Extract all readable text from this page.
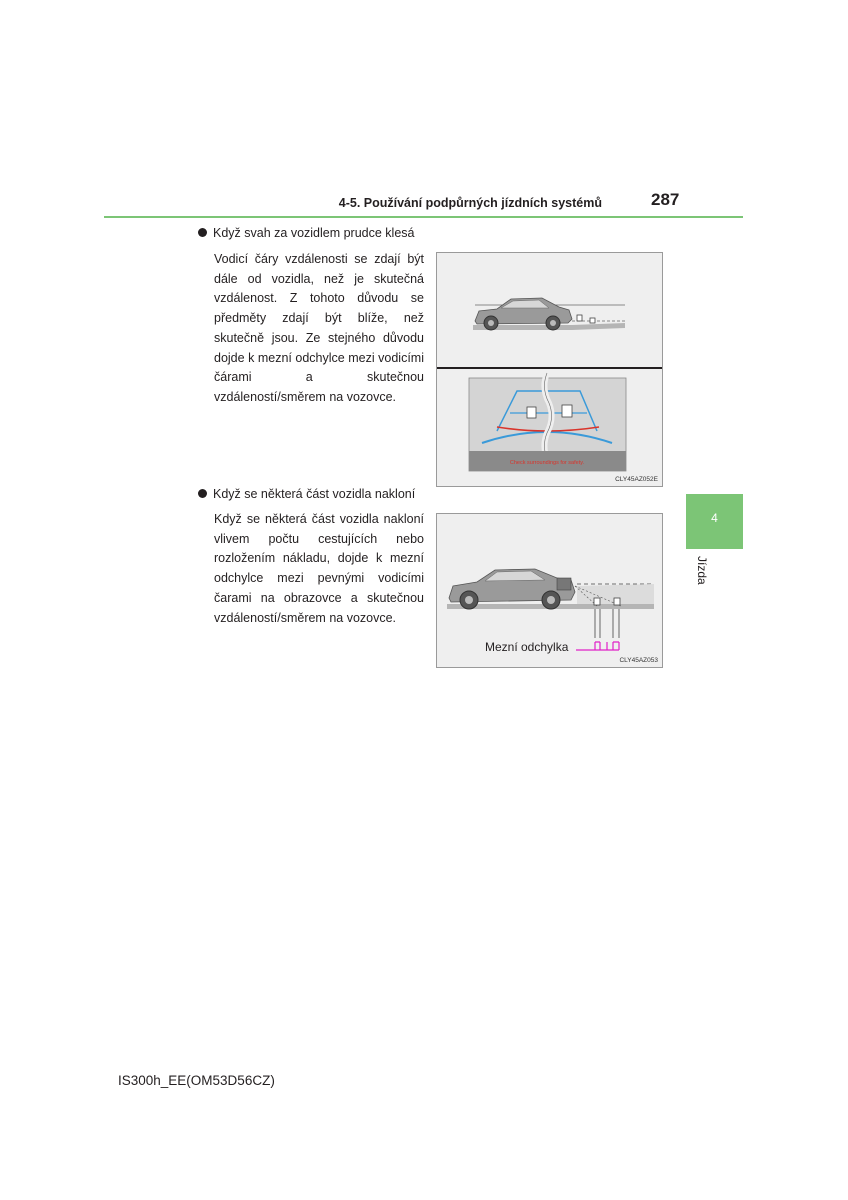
4-5. Používání podpůrných jízdních systémů	287
4
Jízda
Když svah za vozidlem prudce klesá
Vodicí čáry vzdálenosti se zdají být dále od vozidla, než je skutečná vzdálenost. Z tohoto důvodu se předměty zdají být blíže, než skutečně jsou. Ze stejného důvodu dojde k mezní odchylce mezi vodicími čárami a skutečnou vzdáleností/směrem na vozovce.
Check surroundings for safety.
CLY45AZ052E
Když se některá část vozidla nakloní
Když se některá část vozidla nakloní vlivem počtu cestujících nebo rozložením nákladu, dojde k mezní odchylce mezi pevnými vodicími čarami na obrazovce a skutečnou vzdáleností/směrem na vozovce.
Mezní odchylka
CLY45AZ053
IS300h_EE(OM53D56CZ)
